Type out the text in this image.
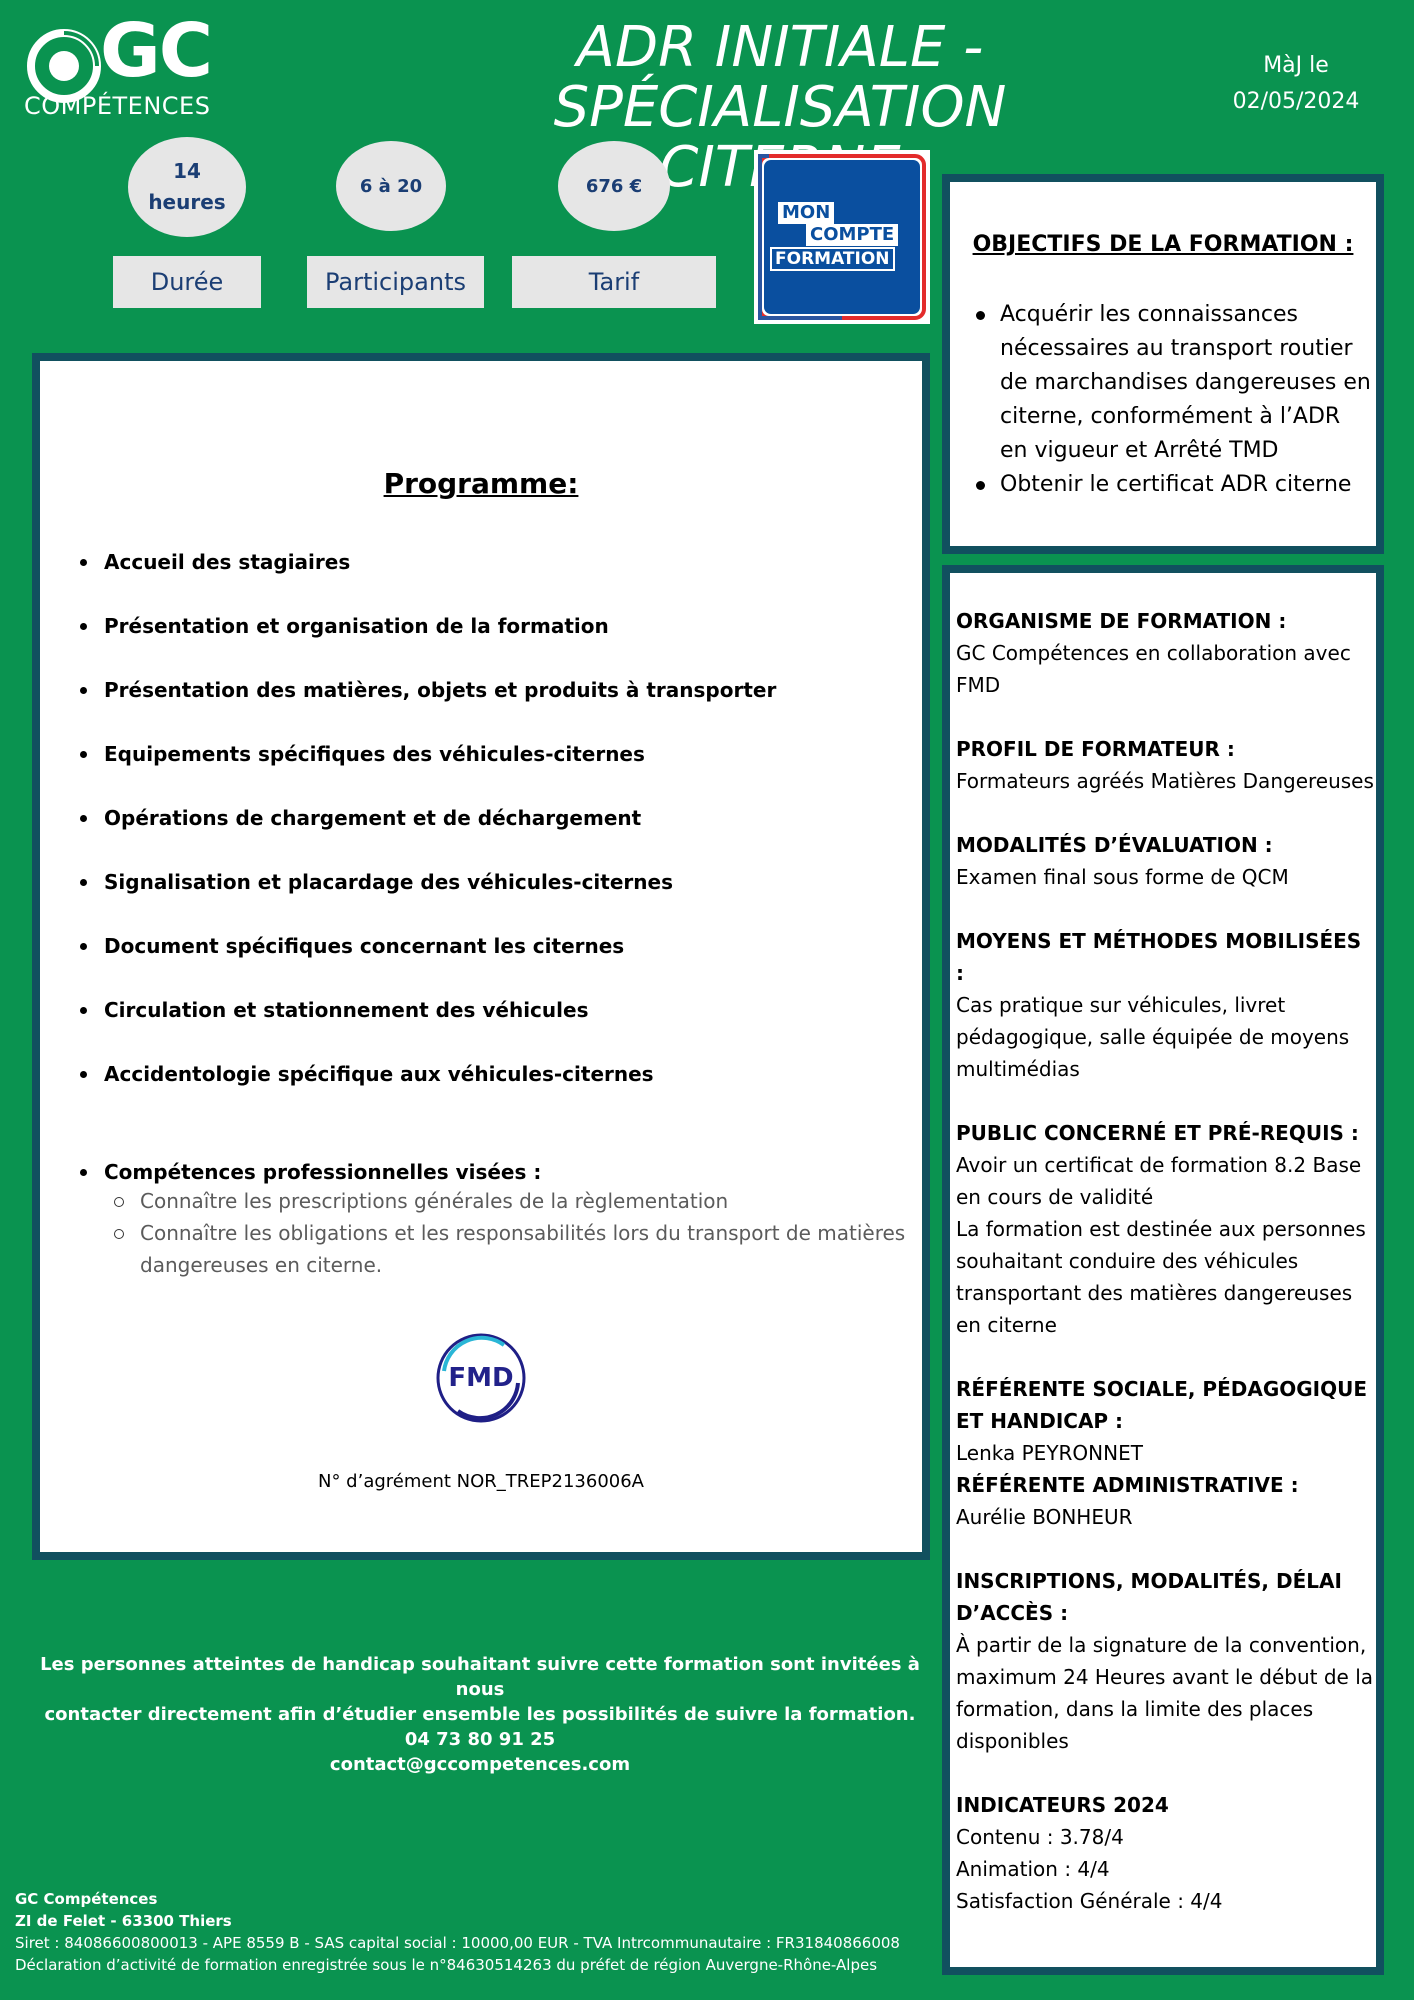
GC
COMPÉTENCES
ADR INITIALE - SPÉCIALISATION
MàJ le
02/05/2024
14
heures
Durée
6 à 20
Participants
676 €
Tarif
MON
COMPTE
FORMATION
Programme:
Accueil des stagiaires
Présentation et organisation de la formation
Présentation des matières, objets et produits à transporter
Equipements spécifiques des véhicules-citernes
Opérations de chargement et de déchargement
Signalisation et placardage des véhicules-citernes
Document spécifiques concernant les citernes
Circulation et stationnement des véhicules
Accidentologie spécifique aux véhicules-citernes
Compétences professionnelles visées :
Connaître les prescriptions générales de la règlementation
Connaître les obligations et les responsabilités lors du transport de matières dangereuses en citerne.
FMD
N° d’agrément NOR_TREP2136006A
OBJECTIFS DE LA FORMATION :
Acquérir les connaissances nécessaires au transport routier de marchandises dangereuses en citerne, conformément à l’ADR en vigueur et Arrêté TMD
Obtenir le certificat ADR citerne
ORGANISME DE FORMATION :
GC Compétences en collaboration avec FMD
PROFIL DE FORMATEUR :
Formateurs agréés Matières Dangereuses
MODALITÉS D’ÉVALUATION :
Examen final sous forme de QCM
MOYENS ET MÉTHODES MOBILISÉES :
Cas pratique sur véhicules, livret pédagogique, salle équipée de moyens multimédias
PUBLIC CONCERNÉ ET PRÉ-REQUIS :
Avoir un certificat de formation 8.2 Base en cours de validité
La formation est destinée aux personnes souhaitant conduire des véhicules transportant des matières dangereuses en citerne
RÉFÉRENTE SOCIALE, PÉDAGOGIQUE ET HANDICAP :
Lenka PEYRONNET
RÉFÉRENTE ADMINISTRATIVE :
Aurélie BONHEUR
INSCRIPTIONS, MODALITÉS, DÉLAI D’ACCÈS :
À partir de la signature de la convention, maximum 24 Heures avant le début de la formation, dans la limite des places disponibles
INDICATEURS 2024
Contenu : 3.78/4
Animation : 4/4
Satisfaction Générale : 4/4
Les personnes atteintes de handicap souhaitant suivre cette formation sont invitées à nous
contacter directement afin d’étudier ensemble les possibilités de suivre la formation.
04 73 80 91 25
contact@gccompetences.com
GC Compétences
ZI de Felet - 63300 Thiers
Siret : 84086600800013 - APE 8559 B - SAS capital social : 10000,00 EUR - TVA Intrcommunautaire : FR31840866008
Déclaration d’activité de formation enregistrée sous le n°84630514263 du préfet de région Auvergne-Rhône-Alpes
